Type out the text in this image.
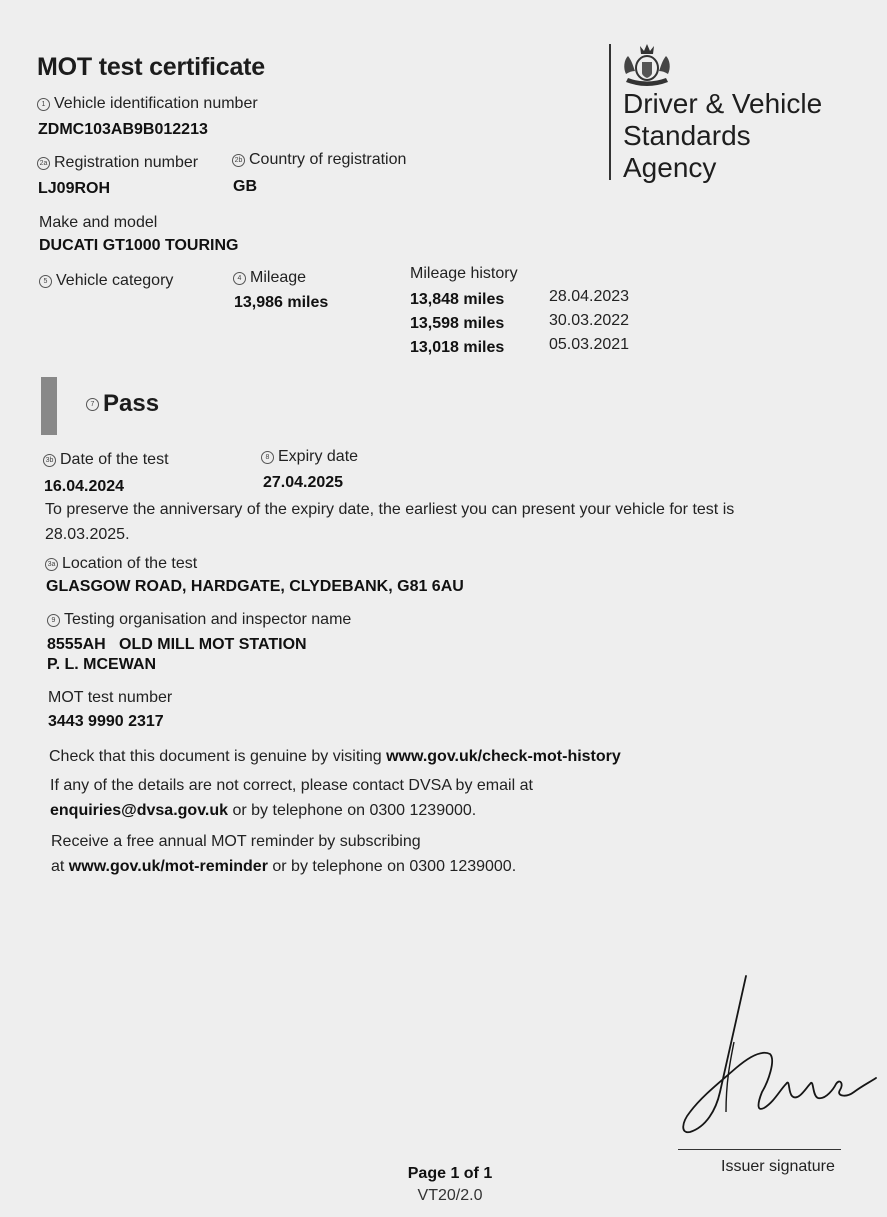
MOT test certificate
1 Vehicle identification number
ZDMC103AB9B012213
2a Registration number
LJ09ROH
2b Country of registration
GB
Make and model
DUCATI GT1000 TOURING
5 Vehicle category	4 Mileage
13,986 miles
Mileage history
13,848 miles	28.04.2023
13,598 miles	30.03.2022
13,018 miles	05.03.2021
Driver & Vehicle
Standards
Agency
7 Pass
3b Date of the test
16.04.2024
8 Expiry date
27.04.2025
To preserve the anniversary of the expiry date, the earliest you can present your vehicle for test is
28.03.2025.
3a Location of the test
GLASGOW ROAD, HARDGATE, CLYDEBANK, G81 6AU
9 Testing organisation and inspector name
8555AH   OLD MILL MOT STATION
P. L. MCEWAN
MOT test number
3443 9990 2317
Check that this document is genuine by visiting www.gov.uk/check-mot-history
If any of the details are not correct, please contact DVSA by email at
enquiries@dvsa.gov.uk or by telephone on 0300 1239000.
Receive a free annual MOT reminder by subscribing
at www.gov.uk/mot-reminder or by telephone on 0300 1239000.
Issuer signature
Page 1 of 1
VT20/2.0
